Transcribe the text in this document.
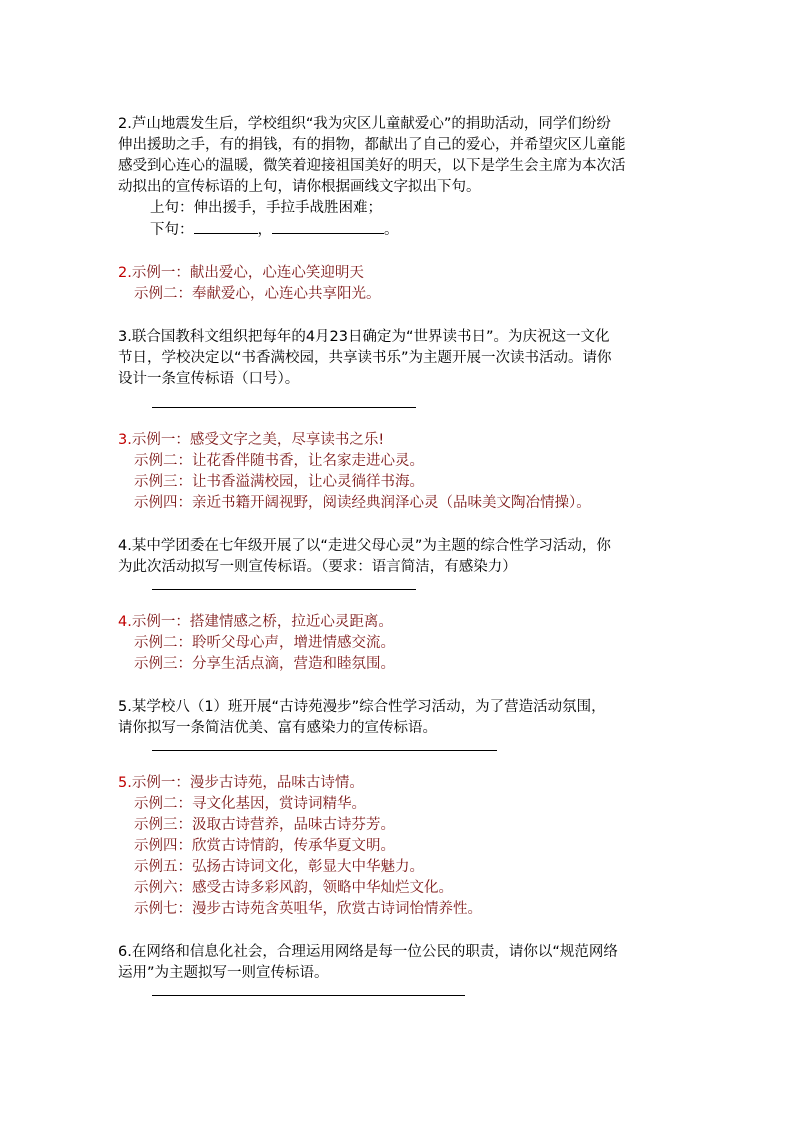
2.芦山地震发生后，学校组织“我为灾区儿童献爱心”的捐助活动，同学们纷纷

伸出援助之手，有的捐钱，有的捐物，都献出了自己的爱心，并希望灾区儿童能

感受到心连心的温暖，微笑着迎接祖国美好的明天，以下是学生会主席为本次活

动拟出的宣传标语的上句，请你根据画线文字拟出下句。

上句：伸出援手，手拉手战胜困难；

下句：	，	。

2.示例一：献出爱心，心连心笑迎明天

示例二：奉献爱心，心连心共享阳光。

3.联合国教科文组织把每年的4月23日确定为“世界读书日”。为庆祝这一文化

节日，学校决定以“书香满校园，共享读书乐”为主题开展一次读书活动。请你

设计一条宣传标语（口号）。

3.示例一：感受文字之美，尽享读书之乐!

示例二：让花香伴随书香，让名家走进心灵。

示例三：让书香溢满校园，让心灵徜徉书海。

示例四：亲近书籍开阔视野，阅读经典润泽心灵（品味美文陶冶情操）。

4.某中学团委在七年级开展了以“走进父母心灵”为主题的综合性学习活动，你

为此次活动拟写一则宣传标语。（要求：语言简洁，有感染力）

4.示例一：搭建情感之桥，拉近心灵距离。

示例二：聆听父母心声，增进情感交流。

示例三：分享生活点滴，营造和睦氛围。

5.某学校八（1）班开展“古诗苑漫步”综合性学习活动，为了营造活动氛围，

请你拟写一条简洁优美、富有感染力的宣传标语。

5.示例一：漫步古诗苑，品味古诗情。

示例二：寻文化基因，赏诗词精华。

示例三：汲取古诗营养，品味古诗芬芳。

示例四：欣赏古诗情韵，传承华夏文明。

示例五：弘扬古诗词文化，彰显大中华魅力。

示例六：感受古诗多彩风韵，领略中华灿烂文化。

示例七：漫步古诗苑含英咀华，欣赏古诗词怡情养性。

6.在网络和信息化社会，合理运用网络是每一位公民的职责，请你以“规范网络

运用”为主题拟写一则宣传标语。
